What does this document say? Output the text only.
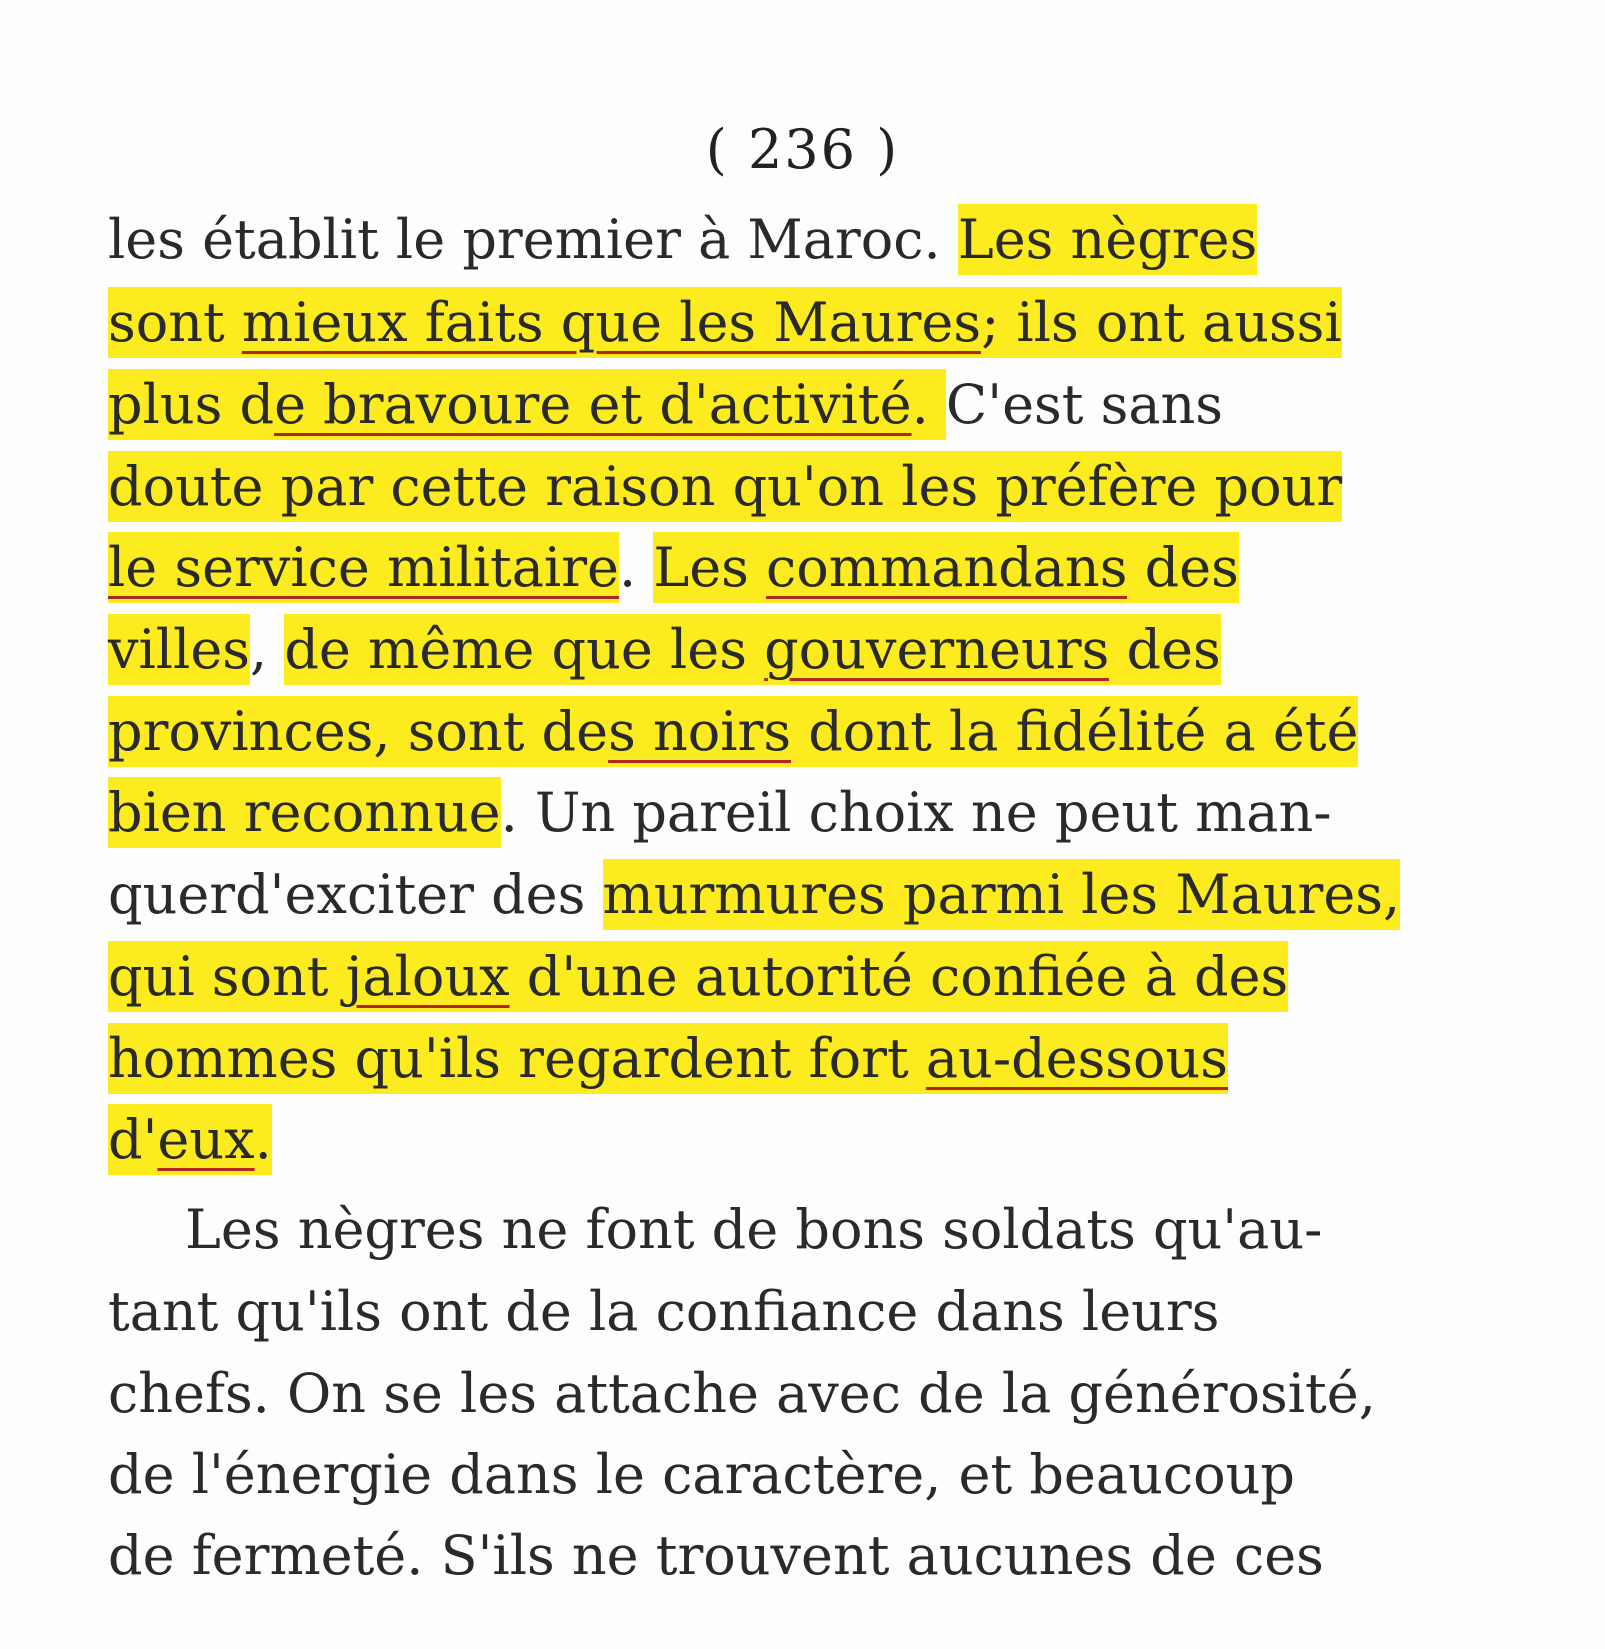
( 236 )
les établit le premier à Maroc. Les nègres
sont mieux faits que les Maures; ils ont aussi
plus de bravoure et d'activité. C'est sans
doute par cette raison qu'on les préfère pour
le service militaire. Les commandans des
villes, de même que les gouverneurs des
provinces, sont des noirs dont la fidélité a été
bien reconnue. Un pareil choix ne peut man-
querd'exciter des murmures parmi les Maures,
qui sont jaloux d'une autorité confiée à des
hommes qu'ils regardent fort au-dessous
d'eux.
Les nègres ne font de bons soldats qu'au-
tant qu'ils ont de la confiance dans leurs
chefs. On se les attache avec de la générosité,
de l'énergie dans le caractère, et beaucoup
de fermeté. S'ils ne trouvent aucunes de ces
